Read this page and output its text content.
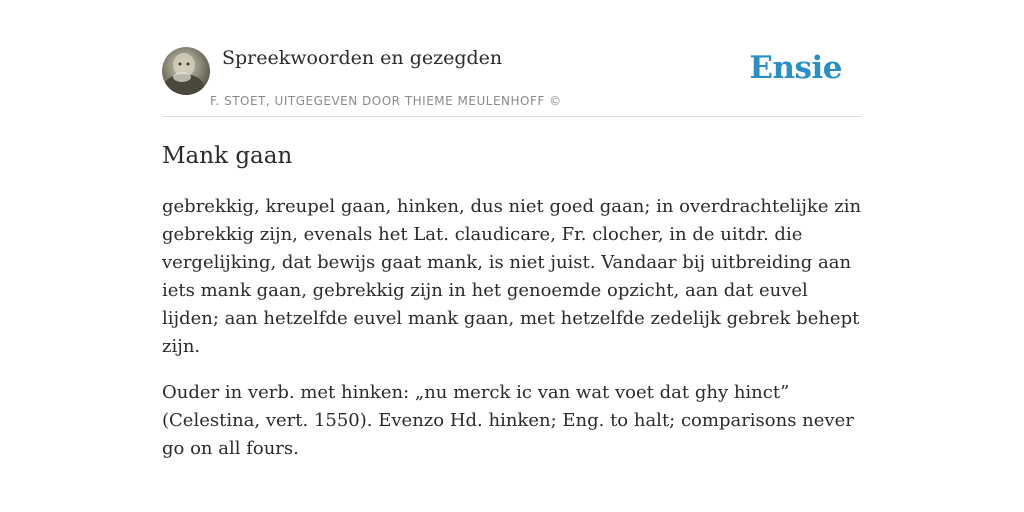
Spreekwoorden en gezegden
F. STOET, UITGEGEVEN DOOR THIEME MEULENHOFF ©
Ensie
Mank gaan

gebrekkig, kreupel gaan, hinken, dus niet goed gaan; in overdrachtelijke zin gebrekkig zijn, evenals het Lat. claudicare, Fr. clocher, in de uitdr. die vergelijking, dat bewijs gaat mank, is niet juist. Vandaar bij uitbreiding aan iets mank gaan, gebrekkig zijn in het genoemde opzicht, aan dat euvel lijden; aan hetzelfde euvel mank gaan, met hetzelfde zedelijk gebrek behept zijn.

Ouder in verb. met hinken: „nu merck ic van wat voet dat ghy hinct” (Celestina, vert. 1550). Evenzo Hd. hinken; Eng. to halt; comparisons never go on all fours.
